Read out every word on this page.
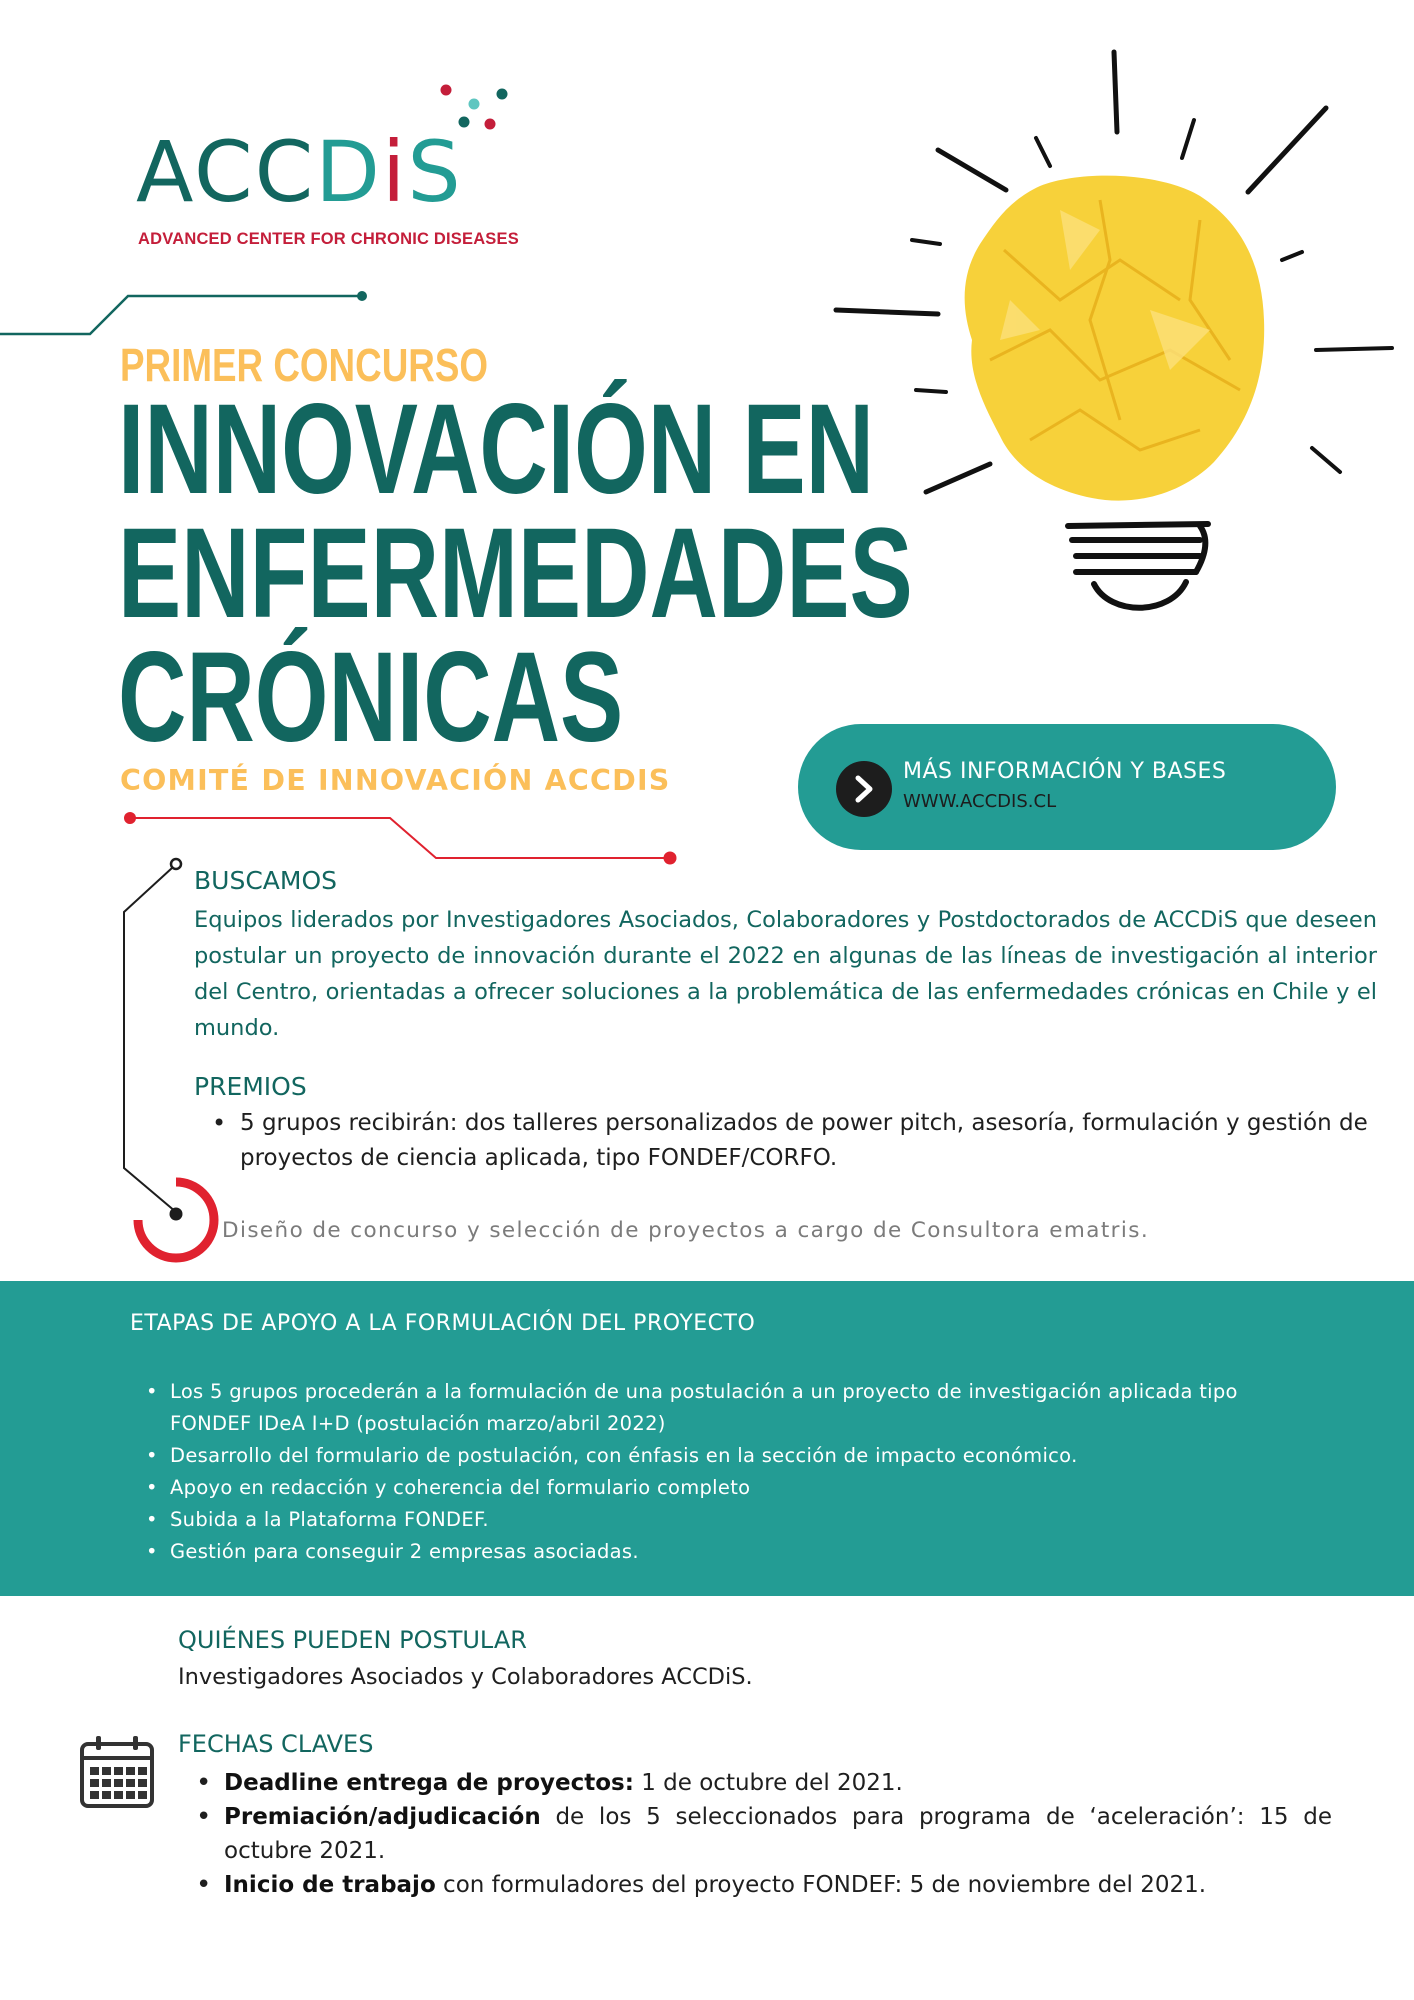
ACCDiS
ADVANCED CENTER FOR CHRONIC DISEASES
PRIMER CONCURSO
INNOVACIÓN EN
ENFERMEDADES
CRÓNICAS
COMITÉ DE INNOVACIÓN ACCDIS	MÁS INFORMACIÓN Y BASES
WWW.ACCDIS.CL
BUSCAMOS
Equipos liderados por Investigadores Asociados, Colaboradores y Postdoctorados de ACCDiS que deseen postular un proyecto de innovación durante el 2022 en algunas de las líneas de investigación al interior del Centro, orientadas a ofrecer soluciones a la problemática de las enfermedades crónicas en Chile y el mundo.
PREMIOS
• 5 grupos recibirán: dos talleres personalizados de power pitch, asesoría, formulación y gestión de proyectos de ciencia aplicada, tipo FONDEF/CORFO.
Diseño de concurso y selección de proyectos a cargo de Consultora ematris.
ETAPAS DE APOYO A LA FORMULACIÓN DEL PROYECTO
• Los 5 grupos procederán a la formulación de una postulación a un proyecto de investigación aplicada tipo FONDEF IDeA I+D (postulación marzo/abril 2022)
• Desarrollo del formulario de postulación, con énfasis en la sección de impacto económico.
• Apoyo en redacción y coherencia del formulario completo
• Subida a la Plataforma FONDEF.
• Gestión para conseguir 2 empresas asociadas.
QUIÉNES PUEDEN POSTULAR
Investigadores Asociados y Colaboradores ACCDiS.
FECHAS CLAVES
• Deadline entrega de proyectos: 1 de octubre del 2021.
• Premiación/adjudicación de los 5 seleccionados para programa de ‘aceleración’: 15 de octubre 2021.
• Inicio de trabajo con formuladores del proyecto FONDEF: 5 de noviembre del 2021.
